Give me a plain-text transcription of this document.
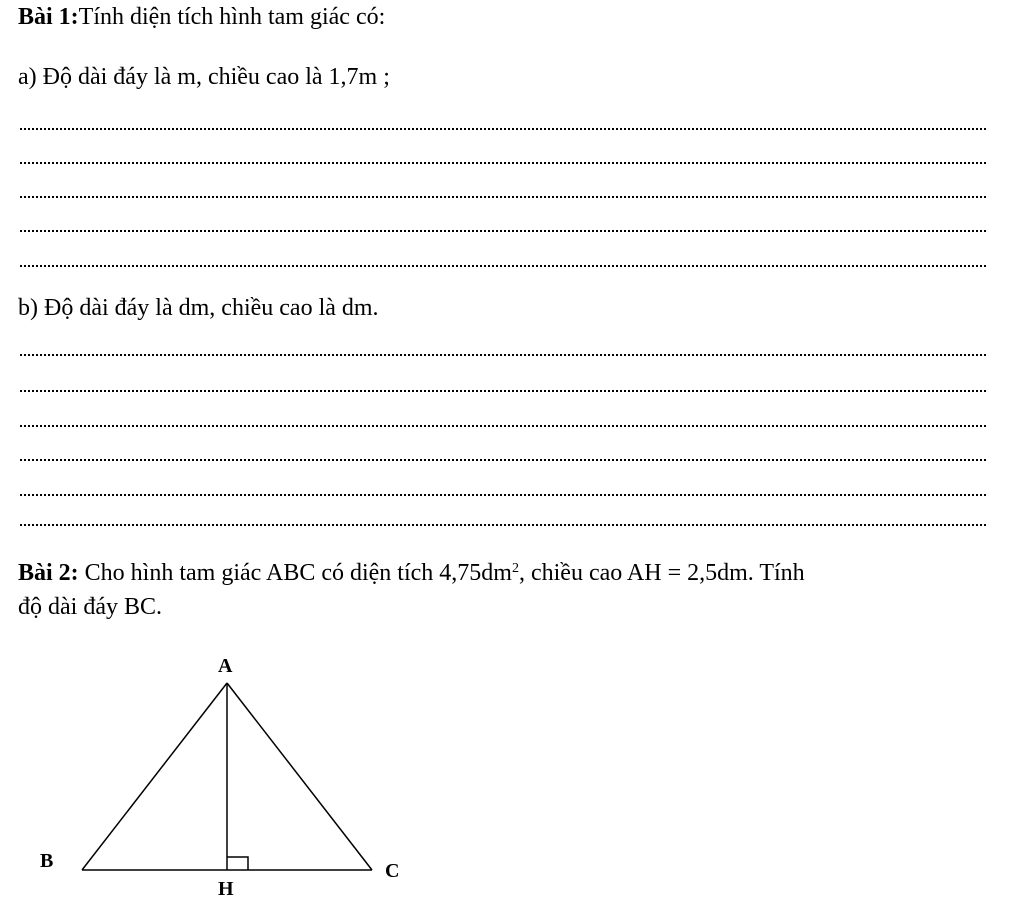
Bài 1:Tính diện tích hình tam giác có:
a) Độ dài đáy là m, chiều cao là 1,7m ;
b) Độ dài đáy là dm, chiều cao là dm.
Bài 2: Cho hình tam giác ABC có diện tích $4,75dm^2$, chiều cao AH = 2,5dm. Tính
độ dài đáy BC.
A
B	C
H
